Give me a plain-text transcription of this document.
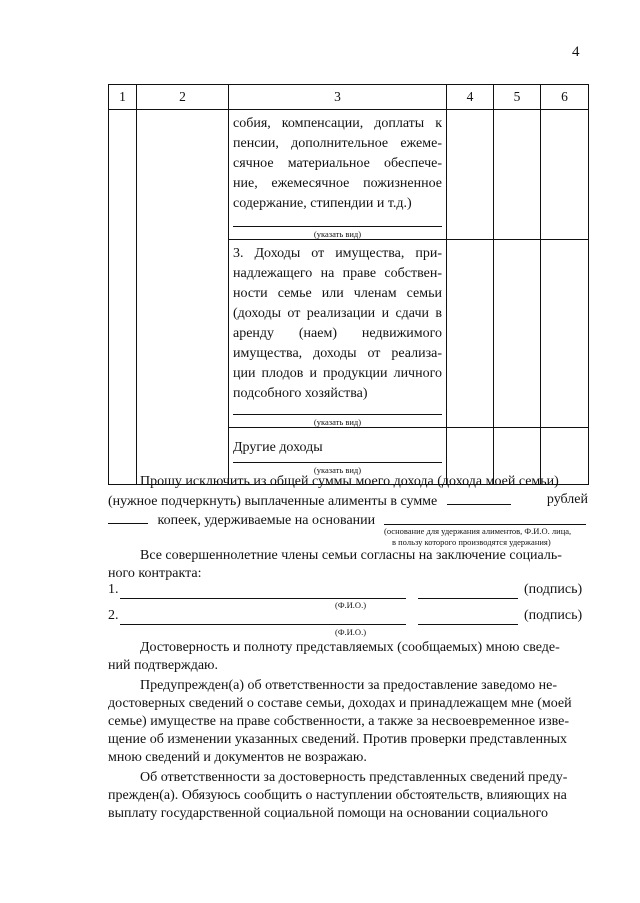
4
1	2	3	4	5	6

		собия, компенсации, доплаты к пенсии, дополнительное ежеме-сячное материальное обеспече-ние, ежемесячное пожизненное содержание, стипендии и т.д.)
(указать вид)			

		3. Доходы от имущества, при-надлежащего на праве собствен-ности семье или членам семьи (доходы от реализации и сдачи в аренду (наем) недвижимого имущества, доходы от реализа-ции плодов и продукции личного подсобного хозяйства)
(указать вид)			

		Другие доходы
(указать вид)			

Прошу исключить из общей суммы моего дохода (дохода моей семьи)
(нужное подчеркнуть) выплаченные алименты в сумме	рублей
копеек, удерживаемые на основании
(основание для удержания алиментов, Ф.И.О. лица,
в пользу которого производятся удержания)
Все совершеннолетние члены семьи согласны на заключение социаль-
ного контракта:
1.	(подпись)
(Ф.И.О.)
2.	(подпись)
(Ф.И.О.)
Достоверность и полноту представляемых (сообщаемых) мною сведе-
ний подтверждаю.
Предупрежден(а) об ответственности за предоставление заведомо не-
достоверных сведений о составе семьи, доходах и принадлежащем мне (моей
семье) имуществе на праве собственности, а также за несвоевременное изве-
щение об изменении указанных сведений. Против проверки представленных
мною сведений и документов не возражаю.
Об ответственности за достоверность представленных сведений преду-
прежден(а). Обязуюсь сообщить о наступлении обстоятельств, влияющих на
выплату государственной социальной помощи на основании социального
